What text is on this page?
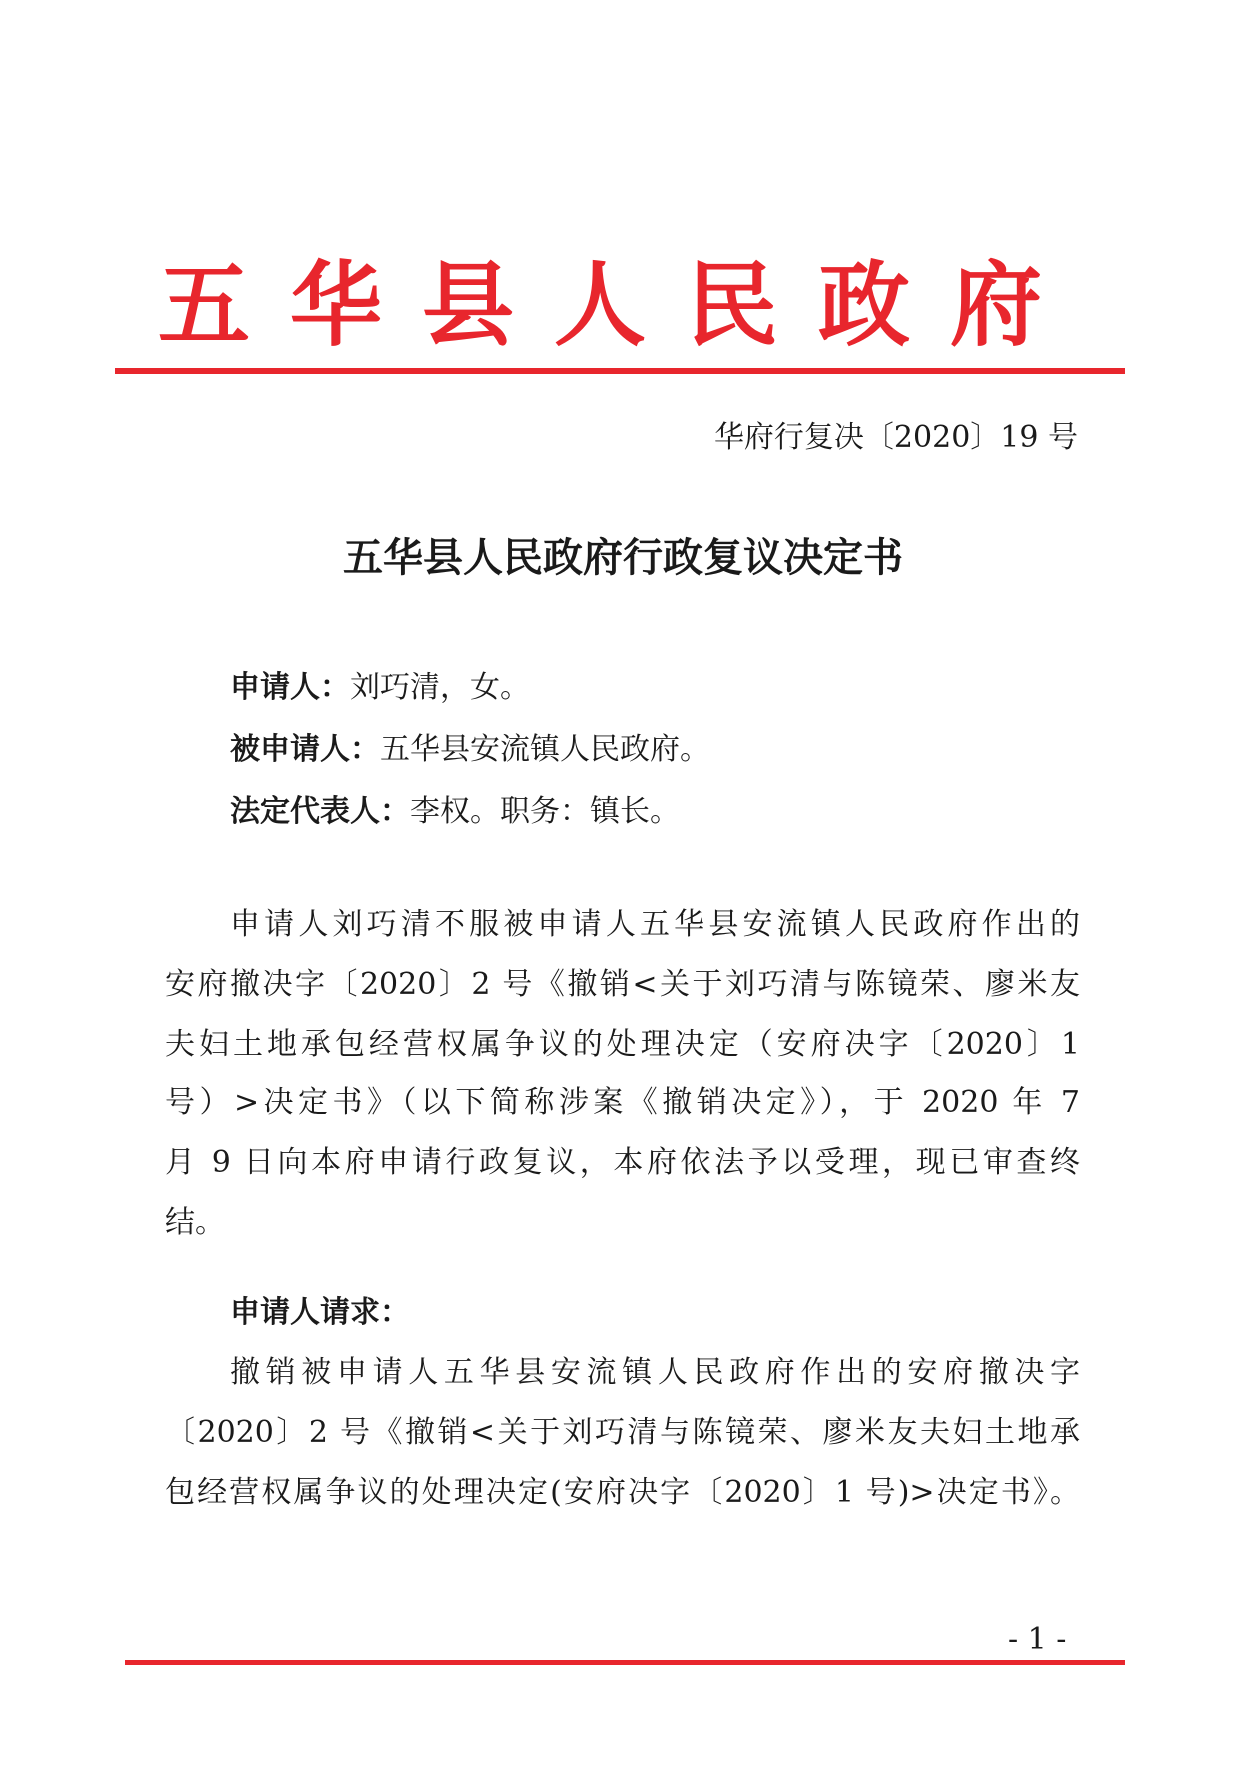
五华县人民政府
华府行复决〔2020〕19 号
五华县人民政府行政复议决定书
申请人：刘巧清，女。
被申请人：五华县安流镇人民政府。
法定代表人：李权。职务：镇长。
申请人刘巧清不服被申请人五华县安流镇人民政府作出的
安府撤决字〔2020〕2 号《撤销<关于刘巧清与陈镜荣、廖米友
夫妇土地承包经营权属争议的处理决定（安府决字〔2020〕1
号）>决定书》（以下简称涉案《撤销决定》），于 2020 年 7
月 9 日向本府申请行政复议，本府依法予以受理，现已审查终
结。
申请人请求：
撤销被申请人五华县安流镇人民政府作出的安府撤决字
〔2020〕2 号《撤销<关于刘巧清与陈镜荣、廖米友夫妇土地承
包经营权属争议的处理决定(安府决字〔2020〕1 号)>决定书》。
- 1 -
